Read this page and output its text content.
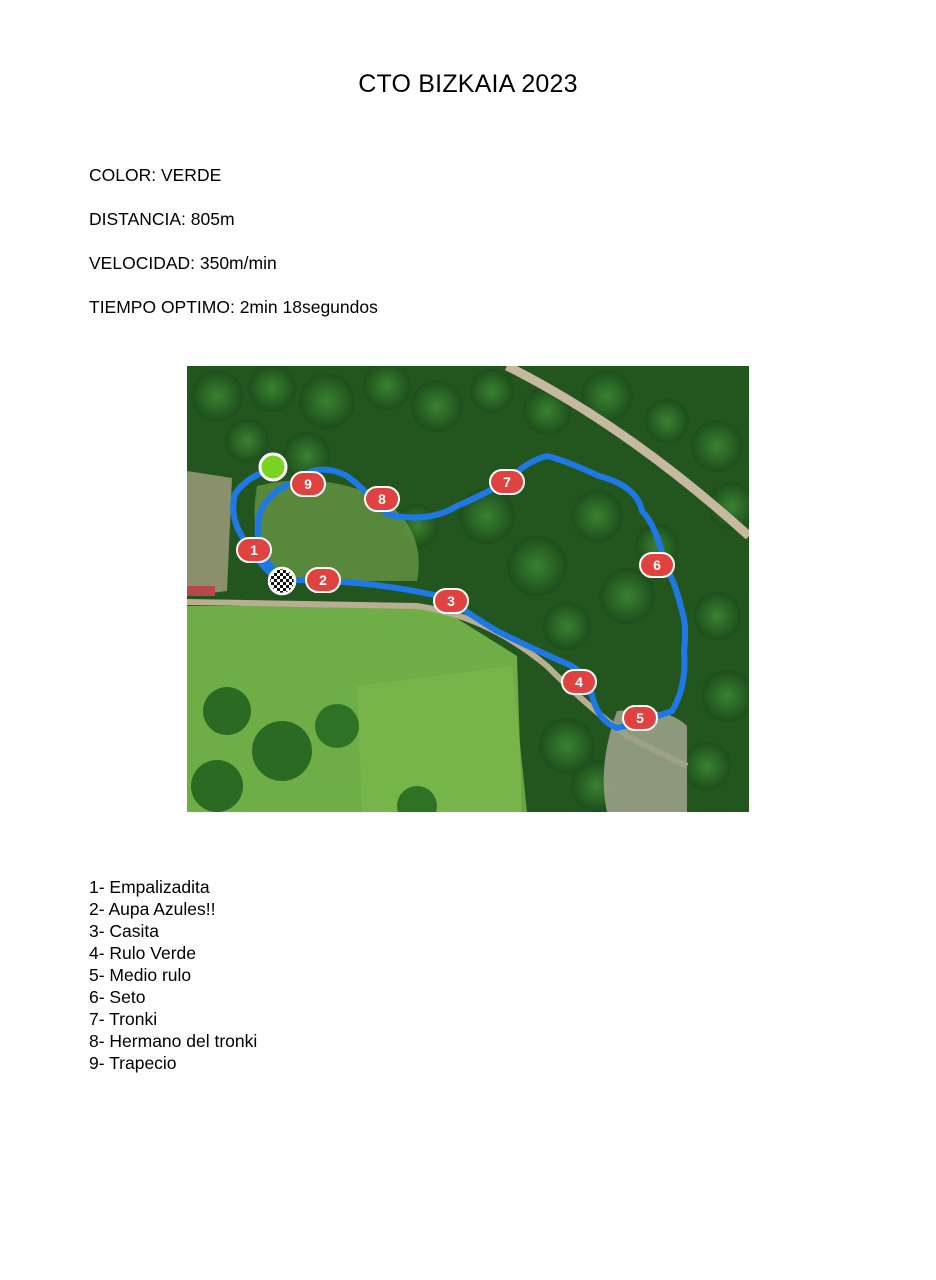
CTO BIZKAIA 2023
COLOR: VERDE
DISTANCIA: 805m
VELOCIDAD: 350m/min
TIEMPO OPTIMO: 2min 18segundos
1
2
3
4
5
6
7
8
9
1- Empalizadita
2- Aupa Azules!!
3- Casita
4- Rulo Verde
5- Medio rulo
6- Seto
7- Tronki
8- Hermano del tronki
9- Trapecio
